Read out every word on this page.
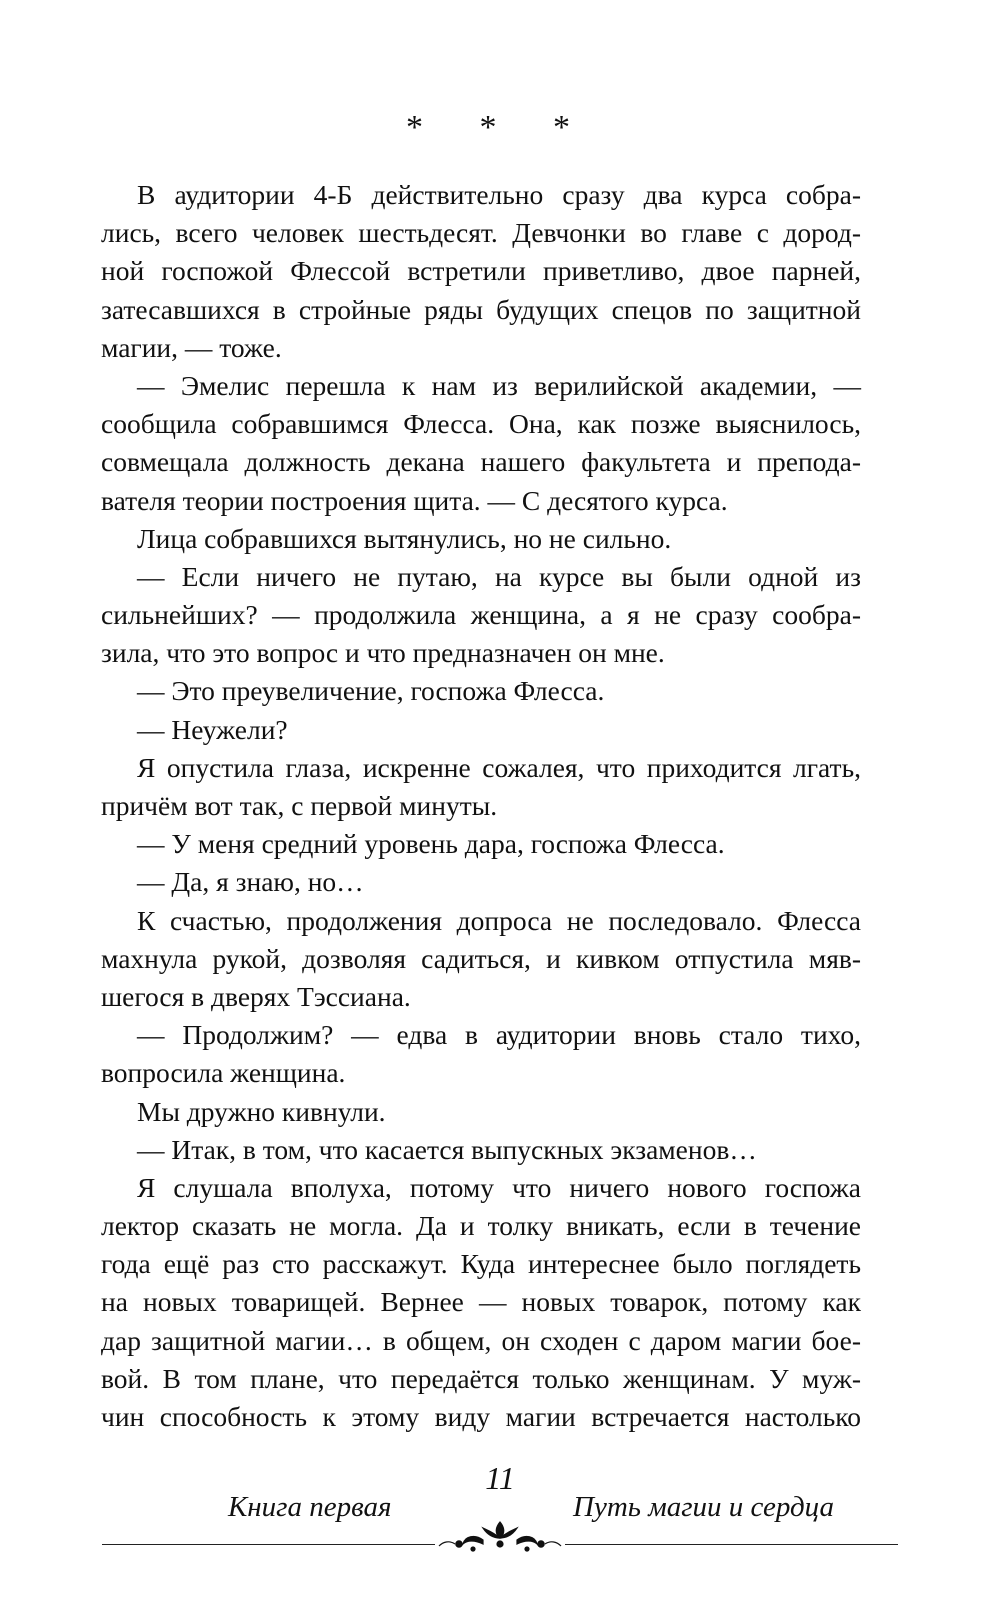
* * *
В аудитории 4-Б действительно сразу два курса собра-
лись, всего человек шестьдесят. Девчонки во главе с дород-
ной госпожой Флессой встретили приветливо, двое парней,
затесавшихся в стройные ряды будущих спецов по защитной
магии, — тоже.
— Эмелис перешла к нам из верилийской академии, —
сообщила собравшимся Флесса. Она, как позже выяснилось,
совмещала должность декана нашего факультета и препода-
вателя теории построения щита. — С десятого курса.
Лица собравшихся вытянулись, но не сильно.
— Если ничего не путаю, на курсе вы были одной из
сильнейших? — продолжила женщина, а я не сразу сообра-
зила, что это вопрос и что предназначен он мне.
— Это преувеличение, госпожа Флесса.
— Неужели?
Я опустила глаза, искренне сожалея, что приходится лгать,
причём вот так, с первой минуты.
— У меня средний уровень дара, госпожа Флесса.
— Да, я знаю, но…
К счастью, продолжения допроса не последовало. Флесса
махнула рукой, дозволяя садиться, и кивком отпустила мяв-
шегося в дверях Тэссиана.
— Продолжим? — едва в аудитории вновь стало тихо,
вопросила женщина.
Мы дружно кивнули.
— Итак, в том, что касается выпускных экзаменов…
Я слушала вполуха, потому что ничего нового госпожа
лектор сказать не могла. Да и толку вникать, если в течение
года ещё раз сто расскажут. Куда интереснее было поглядеть
на новых товарищей. Вернее — новых товарок, потому как
дар защитной магии… в общем, он сходен с даром магии бое-
вой. В том плане, что передаётся только женщинам. У муж-
чин способность к этому виду магии встречается настолько
Книга первая
11
Путь магии и сердца
